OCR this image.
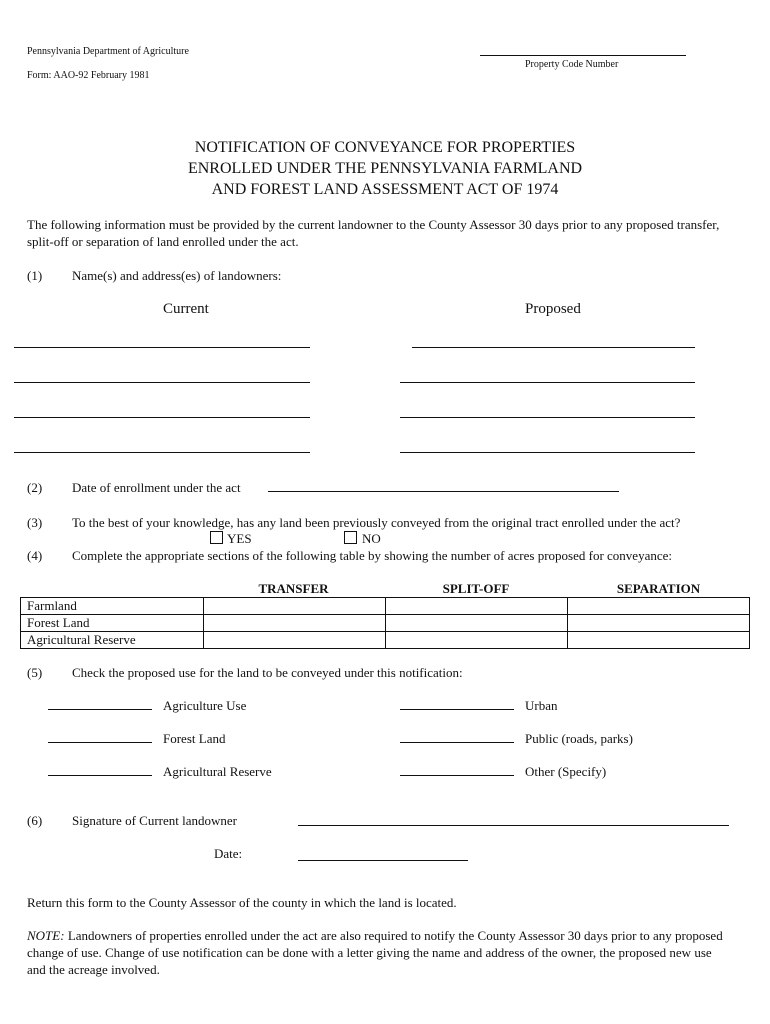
Pennsylvania Department of Agriculture
Form: AAO-92 February 1981
Property Code Number
NOTIFICATION OF CONVEYANCE FOR PROPERTIES
ENROLLED UNDER THE PENNSYLVANIA FARMLAND
AND FOREST LAND ASSESSMENT ACT OF 1974
The following information must be provided by the current landowner to the County Assessor 30 days prior to any proposed transfer, split-off or separation of land enrolled under the act.
(1) Name(s) and address(es) of landowners:
Current	Proposed
(2) Date of enrollment under the act
(3) To the best of your knowledge, has any land been previously conveyed from the original tract enrolled under the act?
YES	NO
(4) Complete the appropriate sections of the following table by showing the number of acres proposed for conveyance:
TRANSFER	SPLIT-OFF	SEPARATION
Farmland			
Forest Land			
Agricultural Reserve			
(5) Check the proposed use for the land to be conveyed under this notification:
Agriculture Use
Forest Land
Agricultural Reserve
Urban
Public (roads, parks)
Other (Specify)
(6) Signature of Current landowner
Date:
Return this form to the County Assessor of the county in which the land is located.
NOTE: Landowners of properties enrolled under the act are also required to notify the County Assessor 30 days prior to any proposed change of use. Change of use notification can be done with a letter giving the name and address of the owner, the proposed new use and the acreage involved.
